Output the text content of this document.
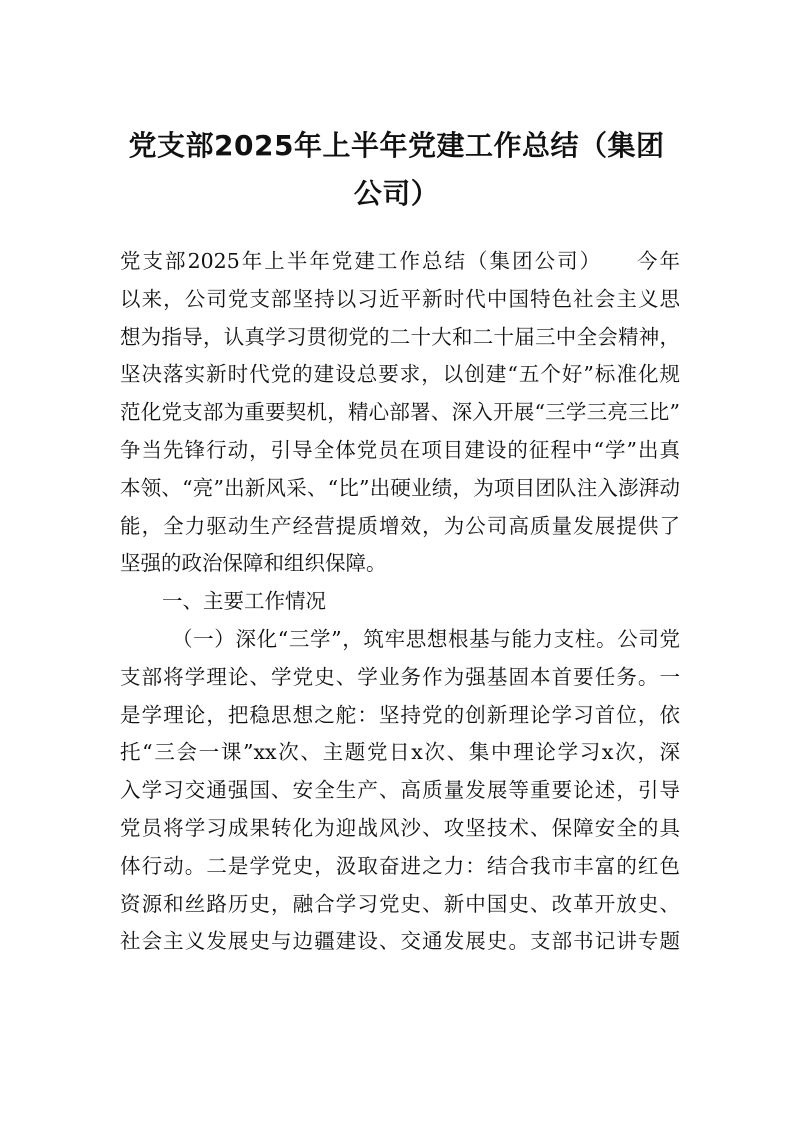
党支部2025年上半年党建工作总结（集团
公司）
党支部2025年上半年党建工作总结（集团公司）　　今年
以来，公司党支部坚持以习近平新时代中国特色社会主义思
想为指导，认真学习贯彻党的二十大和二十届三中全会精神，
坚决落实新时代党的建设总要求，以创建“五个好”标准化规
范化党支部为重要契机，精心部署、深入开展“三学三亮三比”
争当先锋行动，引导全体党员在项目建设的征程中“学”出真
本领、“亮”出新风采、“比”出硬业绩，为项目团队注入澎湃动
能，全力驱动生产经营提质增效，为公司高质量发展提供了
坚强的政治保障和组织保障。
一、主要工作情况
（一）深化“三学”，筑牢思想根基与能力支柱。公司党
支部将学理论、学党史、学业务作为强基固本首要任务。一
是学理论，把稳思想之舵：坚持党的创新理论学习首位，依
托“三会一课”xx次、主题党日x次、集中理论学习x次，深
入学习交通强国、安全生产、高质量发展等重要论述，引导
党员将学习成果转化为迎战风沙、攻坚技术、保障安全的具
体行动。二是学党史，汲取奋进之力：结合我市丰富的红色
资源和丝路历史，融合学习党史、新中国史、改革开放史、
社会主义发展史与边疆建设、交通发展史。支部书记讲专题
